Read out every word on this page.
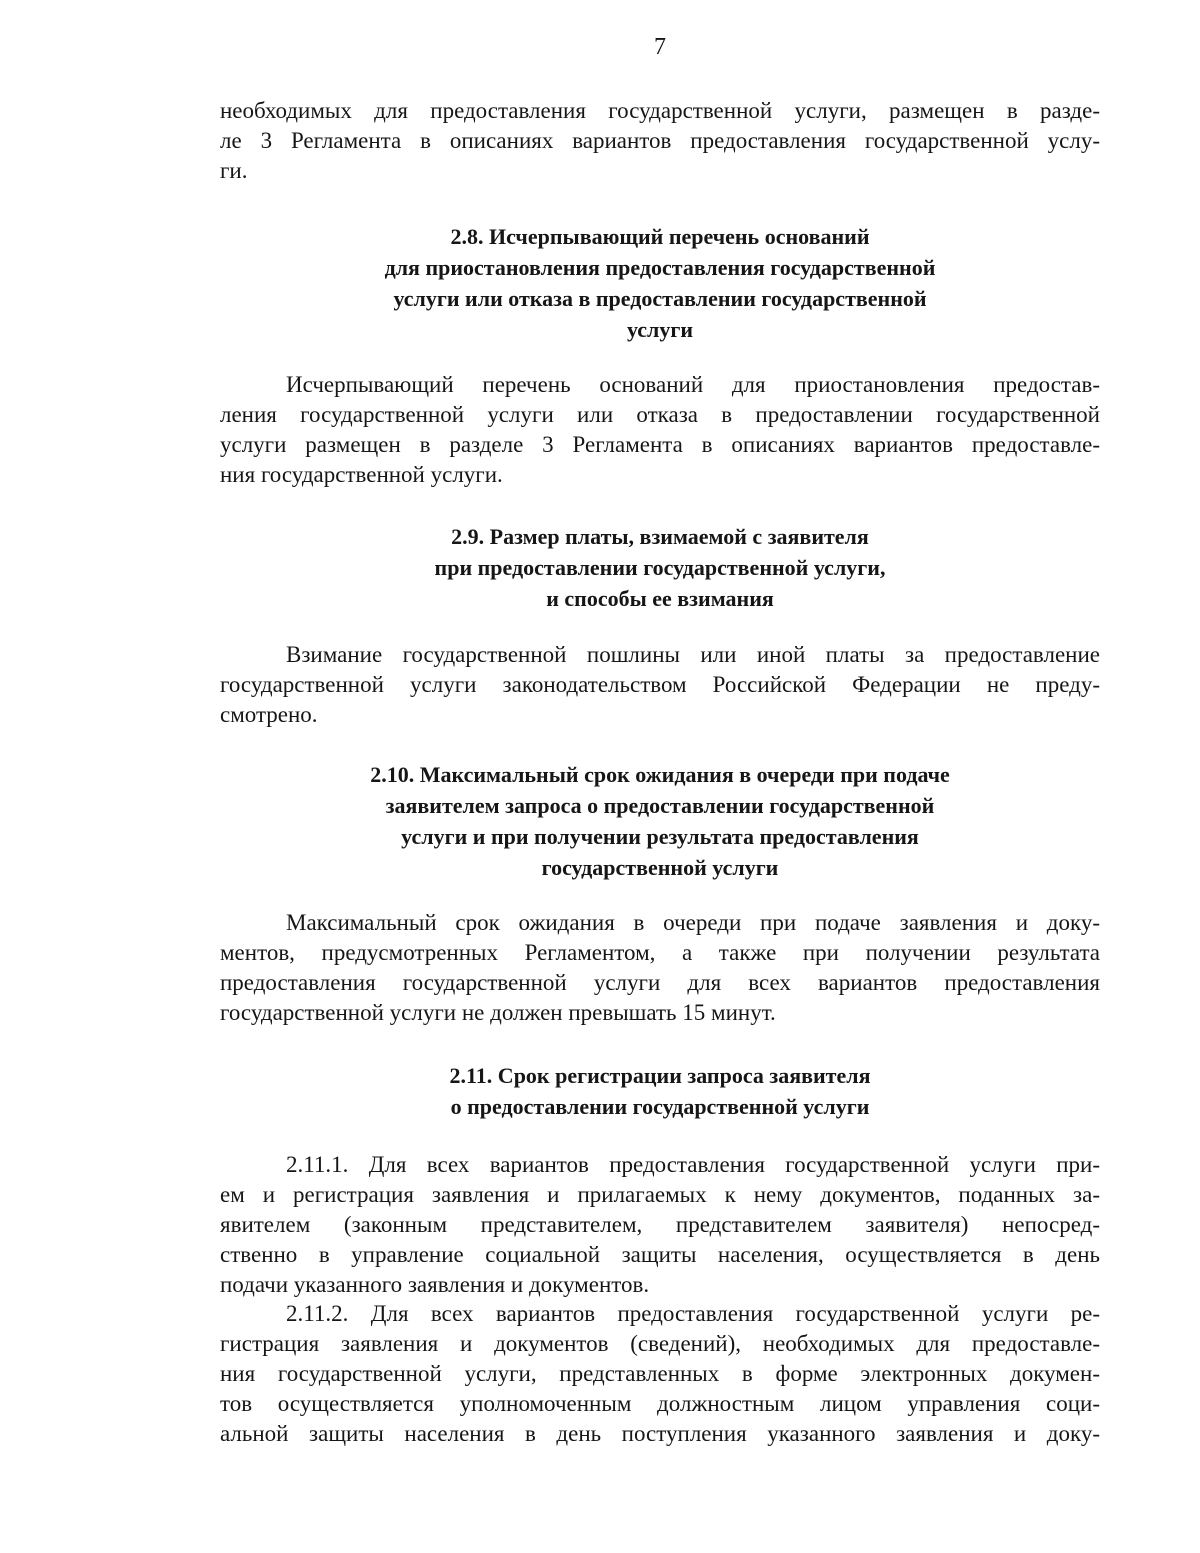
7
необходимых для предоставления государственной услуги, размещен в разде-
ле 3 Регламента в описаниях вариантов предоставления государственной услу-
ги.
2.8. Исчерпывающий перечень оснований
для приостановления предоставления государственной
услуги или отказа в предоставлении государственной
услуги
Исчерпывающий перечень оснований для приостановления предостав-
ления государственной услуги или отказа в предоставлении государственной
услуги размещен в разделе 3 Регламента в описаниях вариантов предоставле-
ния государственной услуги.
2.9. Размер платы, взимаемой с заявителя
при предоставлении государственной услуги,
и способы ее взимания
Взимание государственной пошлины или иной платы за предоставление
государственной услуги законодательством Российской Федерации не преду-
смотрено.
2.10. Максимальный срок ожидания в очереди при подаче
заявителем запроса о предоставлении государственной
услуги и при получении результата предоставления
государственной услуги
Максимальный срок ожидания в очереди при подаче заявления и доку-
ментов, предусмотренных Регламентом, а также при получении результата
предоставления государственной услуги для всех вариантов предоставления
государственной услуги не должен превышать 15 минут.
2.11. Срок регистрации запроса заявителя
о предоставлении государственной услуги
2.11.1. Для всех вариантов предоставления государственной услуги при-
ем и регистрация заявления и прилагаемых к нему документов, поданных за-
явителем (законным представителем, представителем заявителя) непосред-
ственно в управление социальной защиты населения, осуществляется в день
подачи указанного заявления и документов.
2.11.2. Для всех вариантов предоставления государственной услуги ре-
гистрация заявления и документов (сведений), необходимых для предоставле-
ния государственной услуги, представленных в форме электронных докумен-
тов осуществляется уполномоченным должностным лицом управления соци-
альной защиты населения в день поступления указанного заявления и доку-
